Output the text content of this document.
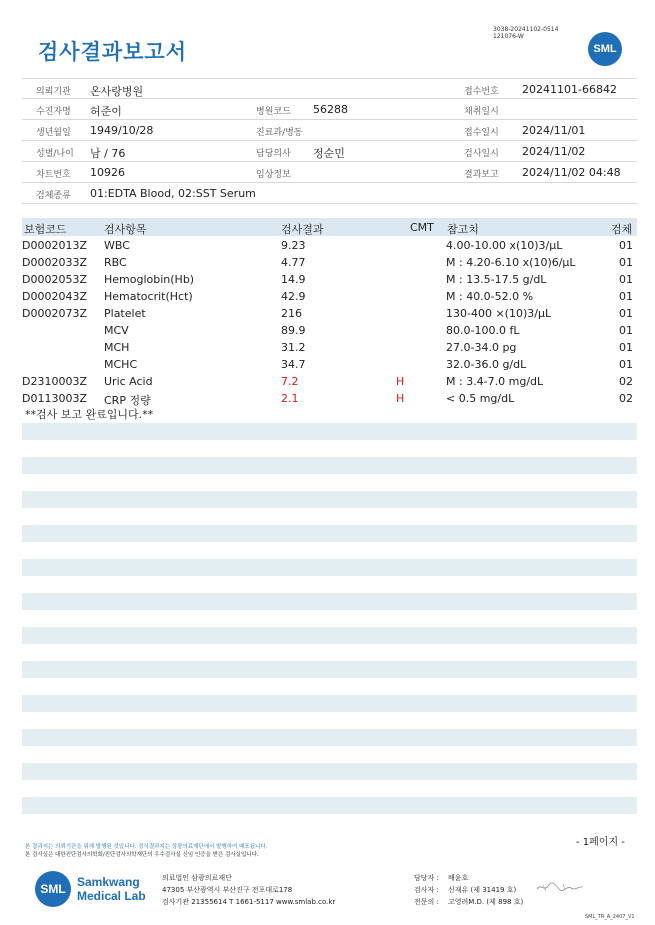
검사결과보고서
3038-20241102-0514
121076-W
SML
의뢰기관 온사랑병원	접수번호 20241101-66842
수진자명 허준이	병원코드 56288	채취일시
생년월일 1949/10/28	진료과/병동	접수일시 2024/11/01
성별/나이 남 / 76	담당의사 정순민	검사일시 2024/11/02
차트번호 10926	임상정보	결과보고 2024/11/02 04:48
검체종류 01:EDTA Blood, 02:SST Serum
보험코드	검사항목	검사결과	CMT 참고치	검체
D0002013Z WBC	9.23	4.00-10.00 x(10)3/µL	01
D0002033Z RBC	4.77	M : 4.20-6.10 x(10)6/µL	01
D0002053Z Hemoglobin(Hb)	14.9	M : 13.5-17.5 g/dL	01
D0002043Z Hematocrit(Hct)	42.9	M : 40.0-52.0 %	01
D0002073Z Platelet	216	130-400 ×(10)3/µL	01
MCV	89.9	80.0-100.0 fL	01
MCH	31.2	27.0-34.0 pg	01
MCHC	34.7	32.0-36.0 g/dL	01
D2310003Z Uric Acid	7.2	H	M : 3.4-7.0 mg/dL	02
D0113003Z CRP 정량	2.1	H	< 0.5 mg/dL	02
**검사 보고 완료입니다.**
- 1페이지 -
본 결과지는 의뢰기관을 위해 발행된 것입니다. 정식결과지는 삼광의료재단에서 발행하여 배포됩니다.
본 검사실은 대한진단검사의학회/진단검사의학재단의 우수검사실 신임 인증을 받은 검사실입니다.
SML Samkwang
Medical Lab
의료법인 삼광의료재단
47305 부산광역시 부산진구 전포대로178
검사기관 21355614 T 1661-5117 www.smlab.co.kr
담당자 : 배윤호
검사자 : 신재유 (제 31419 호)
전문의 : 고영려M.D. (제 898 호)
SML_TR_A_2407_V1
